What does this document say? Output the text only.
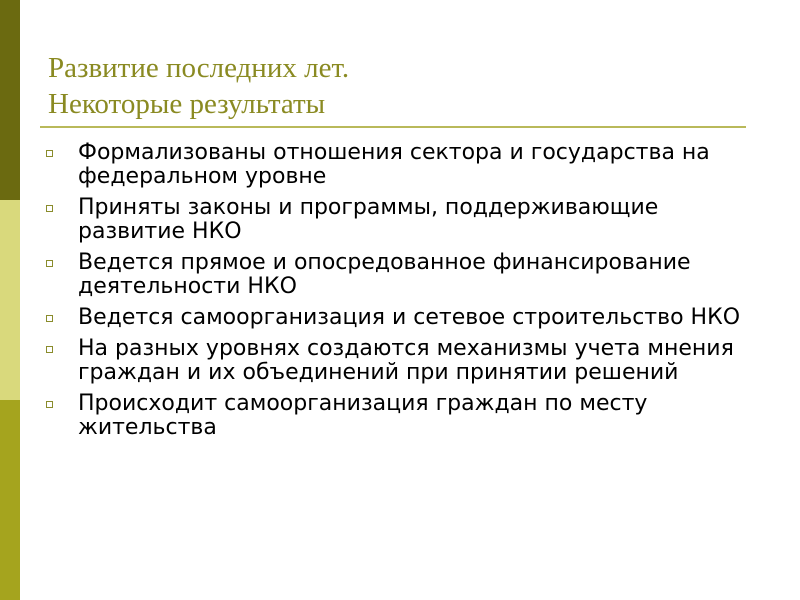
Развитие последних лет.
Некоторые результаты
Формализованы отношения сектора и государства на федеральном уровне
Приняты законы и программы, поддерживающие развитие НКО
Ведется прямое и опосредованное финансирование деятельности НКО
Ведется самоорганизация и сетевое строительство НКО
На разных уровнях создаются механизмы учета мнения граждан и их объединений при принятии решений
Происходит самоорганизация граждан по месту жительства
